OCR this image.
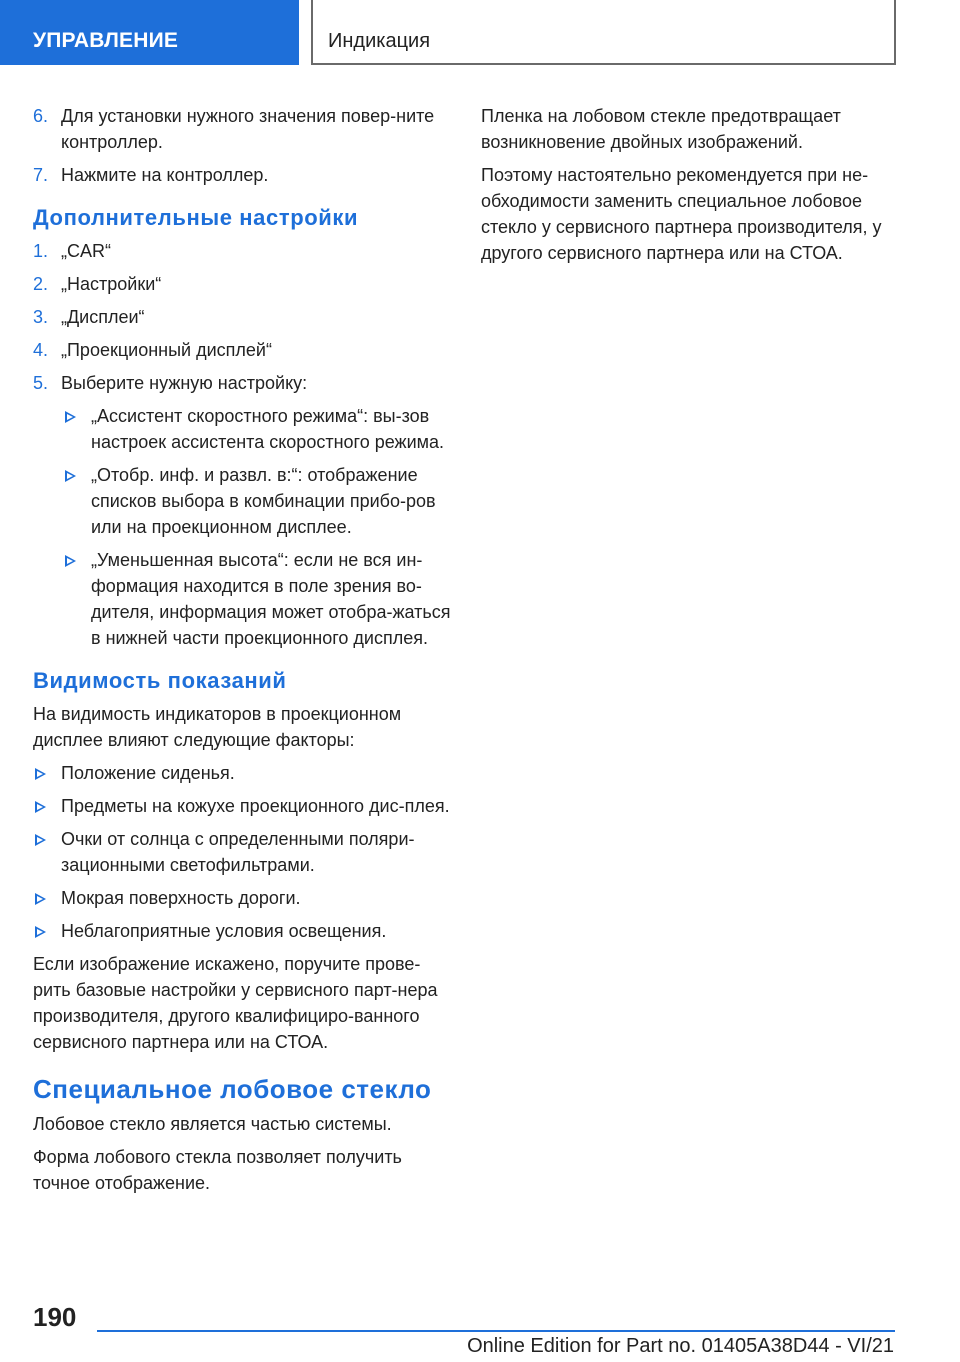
УПРАВЛЕНИЕ	Индикация
6. Для установки нужного значения повер-ните контроллер.
7. Нажмите на контроллер.
Дополнительные настройки
1. „CAR“
2. „Настройки“
3. „Дисплеи“
4. „Проекционный дисплей“
5. Выберите нужную настройку:
„Ассистент скоростного режима“: вы-зов настроек ассистента скоростного режима.
„Отобр. инф. и развл. в:“: отображение списков выбора в комбинации прибо-ров или на проекционном дисплее.
„Уменьшенная высота“: если не вся ин-формация находится в поле зрения во-дителя, информация может отобра-жаться в нижней части проекционного дисплея.
Видимость показаний

На видимость индикаторов в проекционном дисплее влияют следующие факторы:

Положение сиденья.
Предметы на кожухе проекционного дис-плея.
Очки от солнца с определенными поляри-зационными светофильтрами.
Мокрая поверхность дороги.
Неблагоприятные условия освещения.

Если изображение искажено, поручите прове-рить базовые настройки у сервисного парт-нера производителя, другого квалифициро-ванного сервисного партнера или на СТОА.

Специальное лобовое стекло

Лобовое стекло является частью системы.

Форма лобового стекла позволяет получить точное отображение.

Пленка на лобовом стекле предотвращает возникновение двойных изображений.

Поэтому настоятельно рекомендуется при не-обходимости заменить специальное лобовое стекло у сервисного партнера производителя, у другого сервисного партнера или на СТОА.

190
Online Edition for Part no. 01405A38D44 - VI/21
